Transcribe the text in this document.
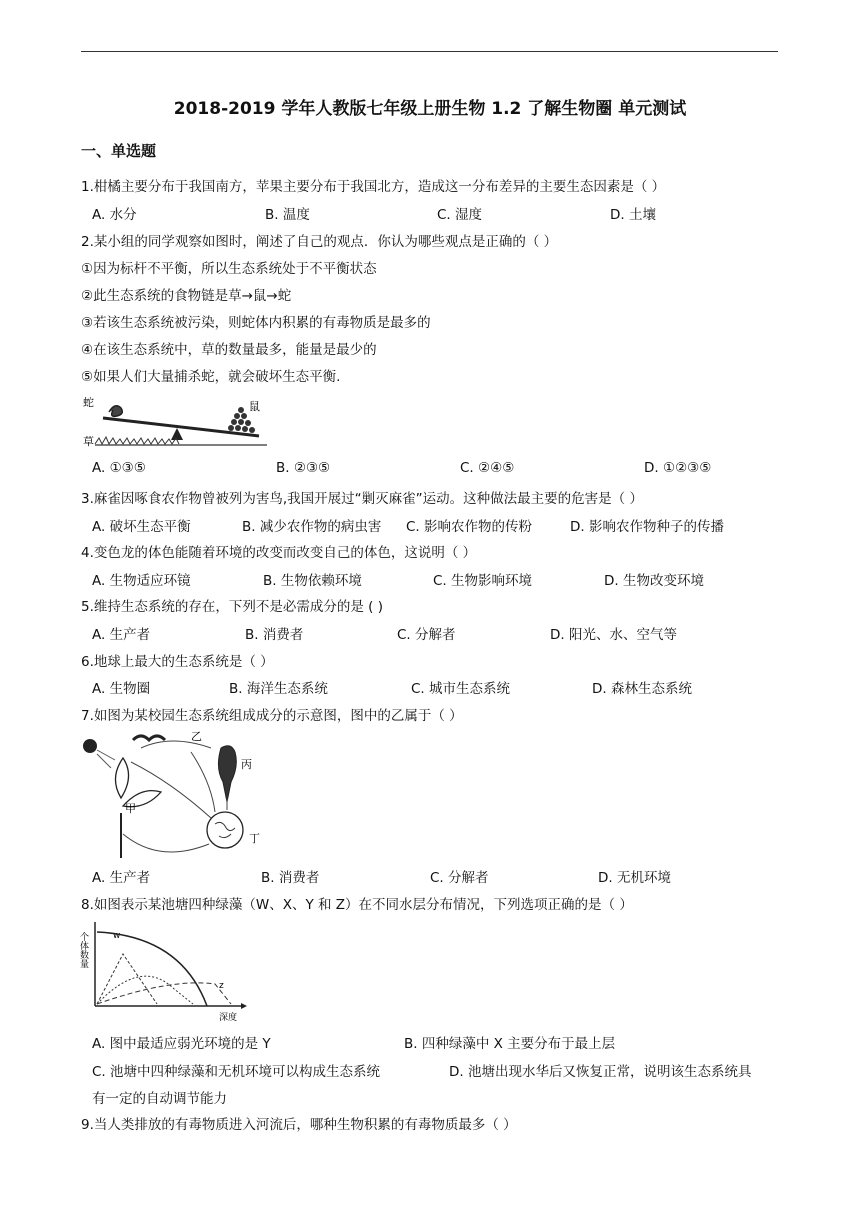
2018-2019 学年人教版七年级上册生物 1.2 了解生物圈 单元测试
一、单选题
1.柑橘主要分布于我国南方，苹果主要分布于我国北方，造成这一分布差异的主要生态因素是（ ）
A. 水分	B. 温度	C. 湿度	D. 土壤
2.某小组的同学观察如图时，阐述了自己的观点．你认为哪些观点是正确的（ ）
①因为标杆不平衡，所以生态系统处于不平衡状态
②此生态系统的食物链是草→鼠→蛇
③若该生态系统被污染，则蛇体内积累的有毒物质是最多的
④在该生态系统中，草的数量最多，能量是最少的
⑤如果人们大量捕杀蛇，就会破坏生态平衡.
蛇
草
鼠
A. ①③⑤	B. ②③⑤	C. ②④⑤	D. ①②③⑤
3.麻雀因啄食农作物曾被列为害鸟,我国开展过“剿灭麻雀”运动。这种做法最主要的危害是（ ）
A. 破坏生态平衡	B. 减少农作物的病虫害 C. 影响农作物的传粉	D. 影响农作物种子的传播
4.变色龙的体色能随着环境的改变而改变自己的体色，这说明（ ）
A. 生物适应环镜	B. 生物依赖环境	C. 生物影响环境	D. 生物改变环境
5.维持生态系统的存在，下列不是必需成分的是 ( )
A. 生产者	B. 消费者	C. 分解者	D. 阳光、水、空气等
6.地球上最大的生态系统是（ ）
A. 生物圈	B. 海洋生态系统	C. 城市生态系统	D. 森林生态系统
7.如图为某校园生态系统组成成分的示意图，图中的乙属于（ ）
甲
乙
丙
丁
A. 生产者	B. 消费者	C. 分解者	D. 无机环境
8.如图表示某池塘四种绿藻（W、X、Y 和 Z）在不同水层分布情况，下列选项正确的是（ ）
个体数量
深度
w
z
A. 图中最适应弱光环境的是 Y	B. 四种绿藻中 X 主要分布于最上层
C. 池塘中四种绿藻和无机环境可以构成生态系统	D. 池塘出现水华后又恢复正常，说明该生态系统具
有一定的自动调节能力
9.当人类排放的有毒物质进入河流后，哪种生物积累的有毒物质最多（ ）
